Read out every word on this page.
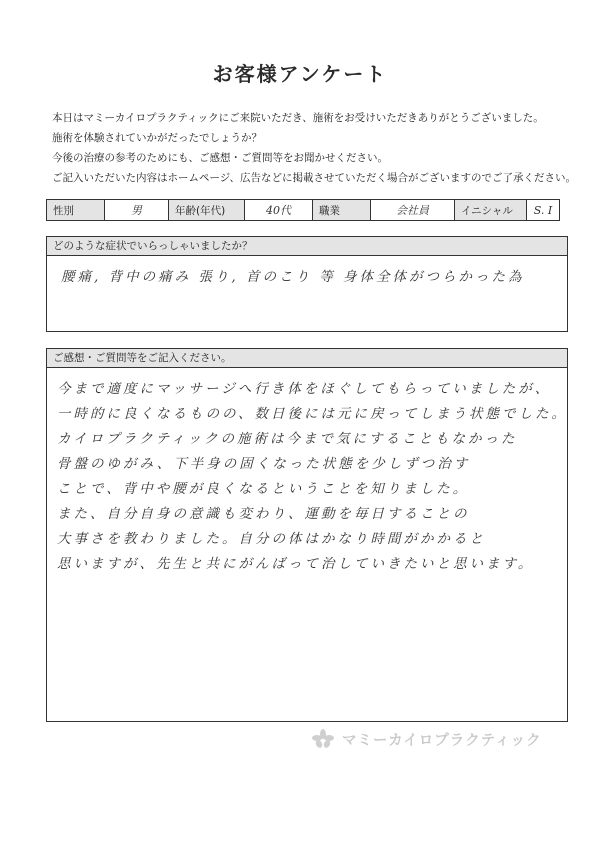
お客様アンケート
本日はマミーカイロプラクティックにご来院いただき、施術をお受けいただきありがとうございました。
施術を体験されていかがだったでしょうか？
今後の治療の参考のためにも、ご感想・ご質問等をお聞かせください。
ご記入いただいた内容はホームページ、広告などに掲載させていただく場合がございますのでご了承ください。
性別	男	年齢(年代)	40代	職業	会社員	イニシャル	S. I
どのような症状でいらっしゃいましたか？
腰痛, 背中の痛み 張り, 首のこり 等 身体全体がつらかった為
ご感想・ご質問等をご記入ください。
今まで適度にマッサージへ行き体をほぐしてもらっていましたが、
一時的に良くなるものの、数日後には元に戻ってしまう状態でした。
カイロプラクティックの施術は今まで気にすることもなかった
骨盤のゆがみ、下半身の固くなった状態を少しずつ治す
ことで、背中や腰が良くなるということを知りました。
また、自分自身の意識も変わり、運動を毎日することの
大事さを教わりました。自分の体はかなり時間がかかると
思いますが、先生と共にがんばって治していきたいと思います。
マミーカイロプラクティック
